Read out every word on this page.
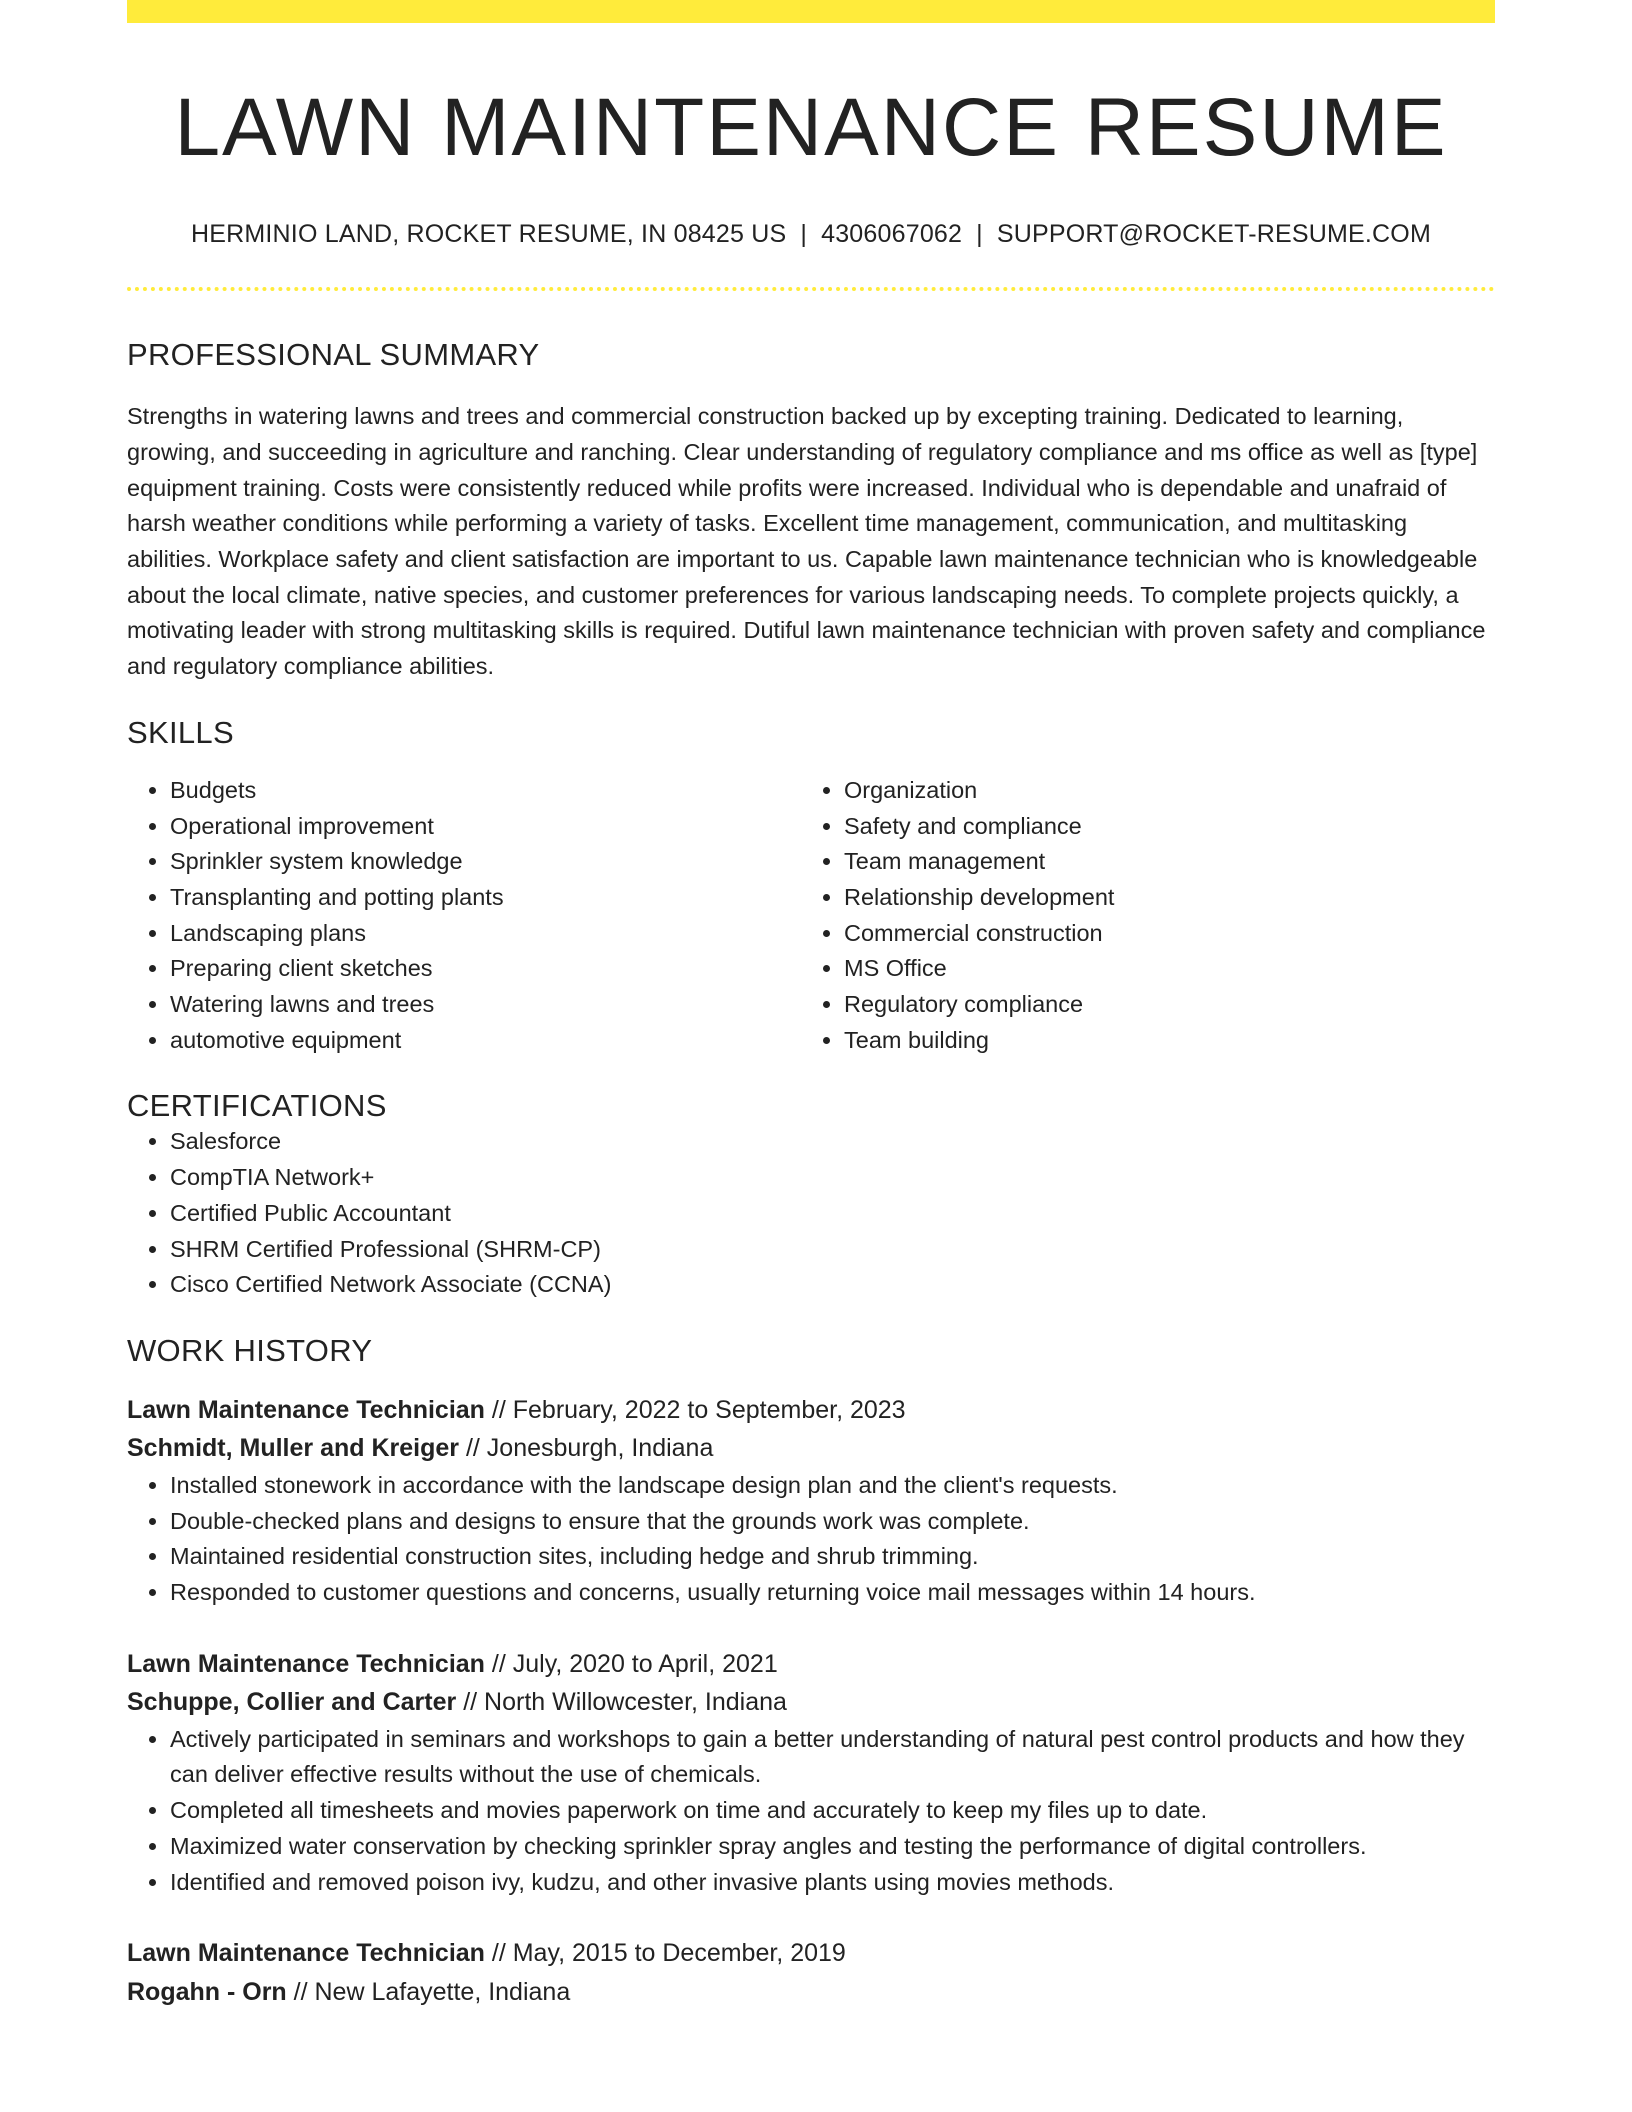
LAWN MAINTENANCE RESUME
HERMINIO LAND, ROCKET RESUME, IN 08425 US | 4306067062 | SUPPORT@ROCKET-RESUME.COM
PROFESSIONAL SUMMARY
Strengths in watering lawns and trees and commercial construction backed up by excepting training. Dedicated to learning, growing, and succeeding in agriculture and ranching. Clear understanding of regulatory compliance and ms office as well as [type] equipment training. Costs were consistently reduced while profits were increased. Individual who is dependable and unafraid of harsh weather conditions while performing a variety of tasks. Excellent time management, communication, and multitasking abilities. Workplace safety and client satisfaction are important to us. Capable lawn maintenance technician who is knowledgeable about the local climate, native species, and customer preferences for various landscaping needs. To complete projects quickly, a motivating leader with strong multitasking skills is required. Dutiful lawn maintenance technician with proven safety and compliance and regulatory compliance abilities.
SKILLS
• Budgets
• Operational improvement
• Sprinkler system knowledge
• Transplanting and potting plants
• Landscaping plans
• Preparing client sketches
• Watering lawns and trees
• automotive equipment
• Organization
• Safety and compliance
• Team management
• Relationship development
• Commercial construction
• MS Office
• Regulatory compliance
• Team building
CERTIFICATIONS
• Salesforce
• CompTIA Network+
• Certified Public Accountant
• SHRM Certified Professional (SHRM-CP)
• Cisco Certified Network Associate (CCNA)
WORK HISTORY
Lawn Maintenance Technician // February, 2022 to September, 2023
Schmidt, Muller and Kreiger // Jonesburgh, Indiana
• Installed stonework in accordance with the landscape design plan and the client's requests.
• Double-checked plans and designs to ensure that the grounds work was complete.
• Maintained residential construction sites, including hedge and shrub trimming.
• Responded to customer questions and concerns, usually returning voice mail messages within 14 hours.
Lawn Maintenance Technician // July, 2020 to April, 2021
Schuppe, Collier and Carter // North Willowcester, Indiana
• Actively participated in seminars and workshops to gain a better understanding of natural pest control products and how they can deliver effective results without the use of chemicals.
• Completed all timesheets and movies paperwork on time and accurately to keep my files up to date.
• Maximized water conservation by checking sprinkler spray angles and testing the performance of digital controllers.
• Identified and removed poison ivy, kudzu, and other invasive plants using movies methods.
Lawn Maintenance Technician // May, 2015 to December, 2019
Rogahn - Orn // New Lafayette, Indiana
